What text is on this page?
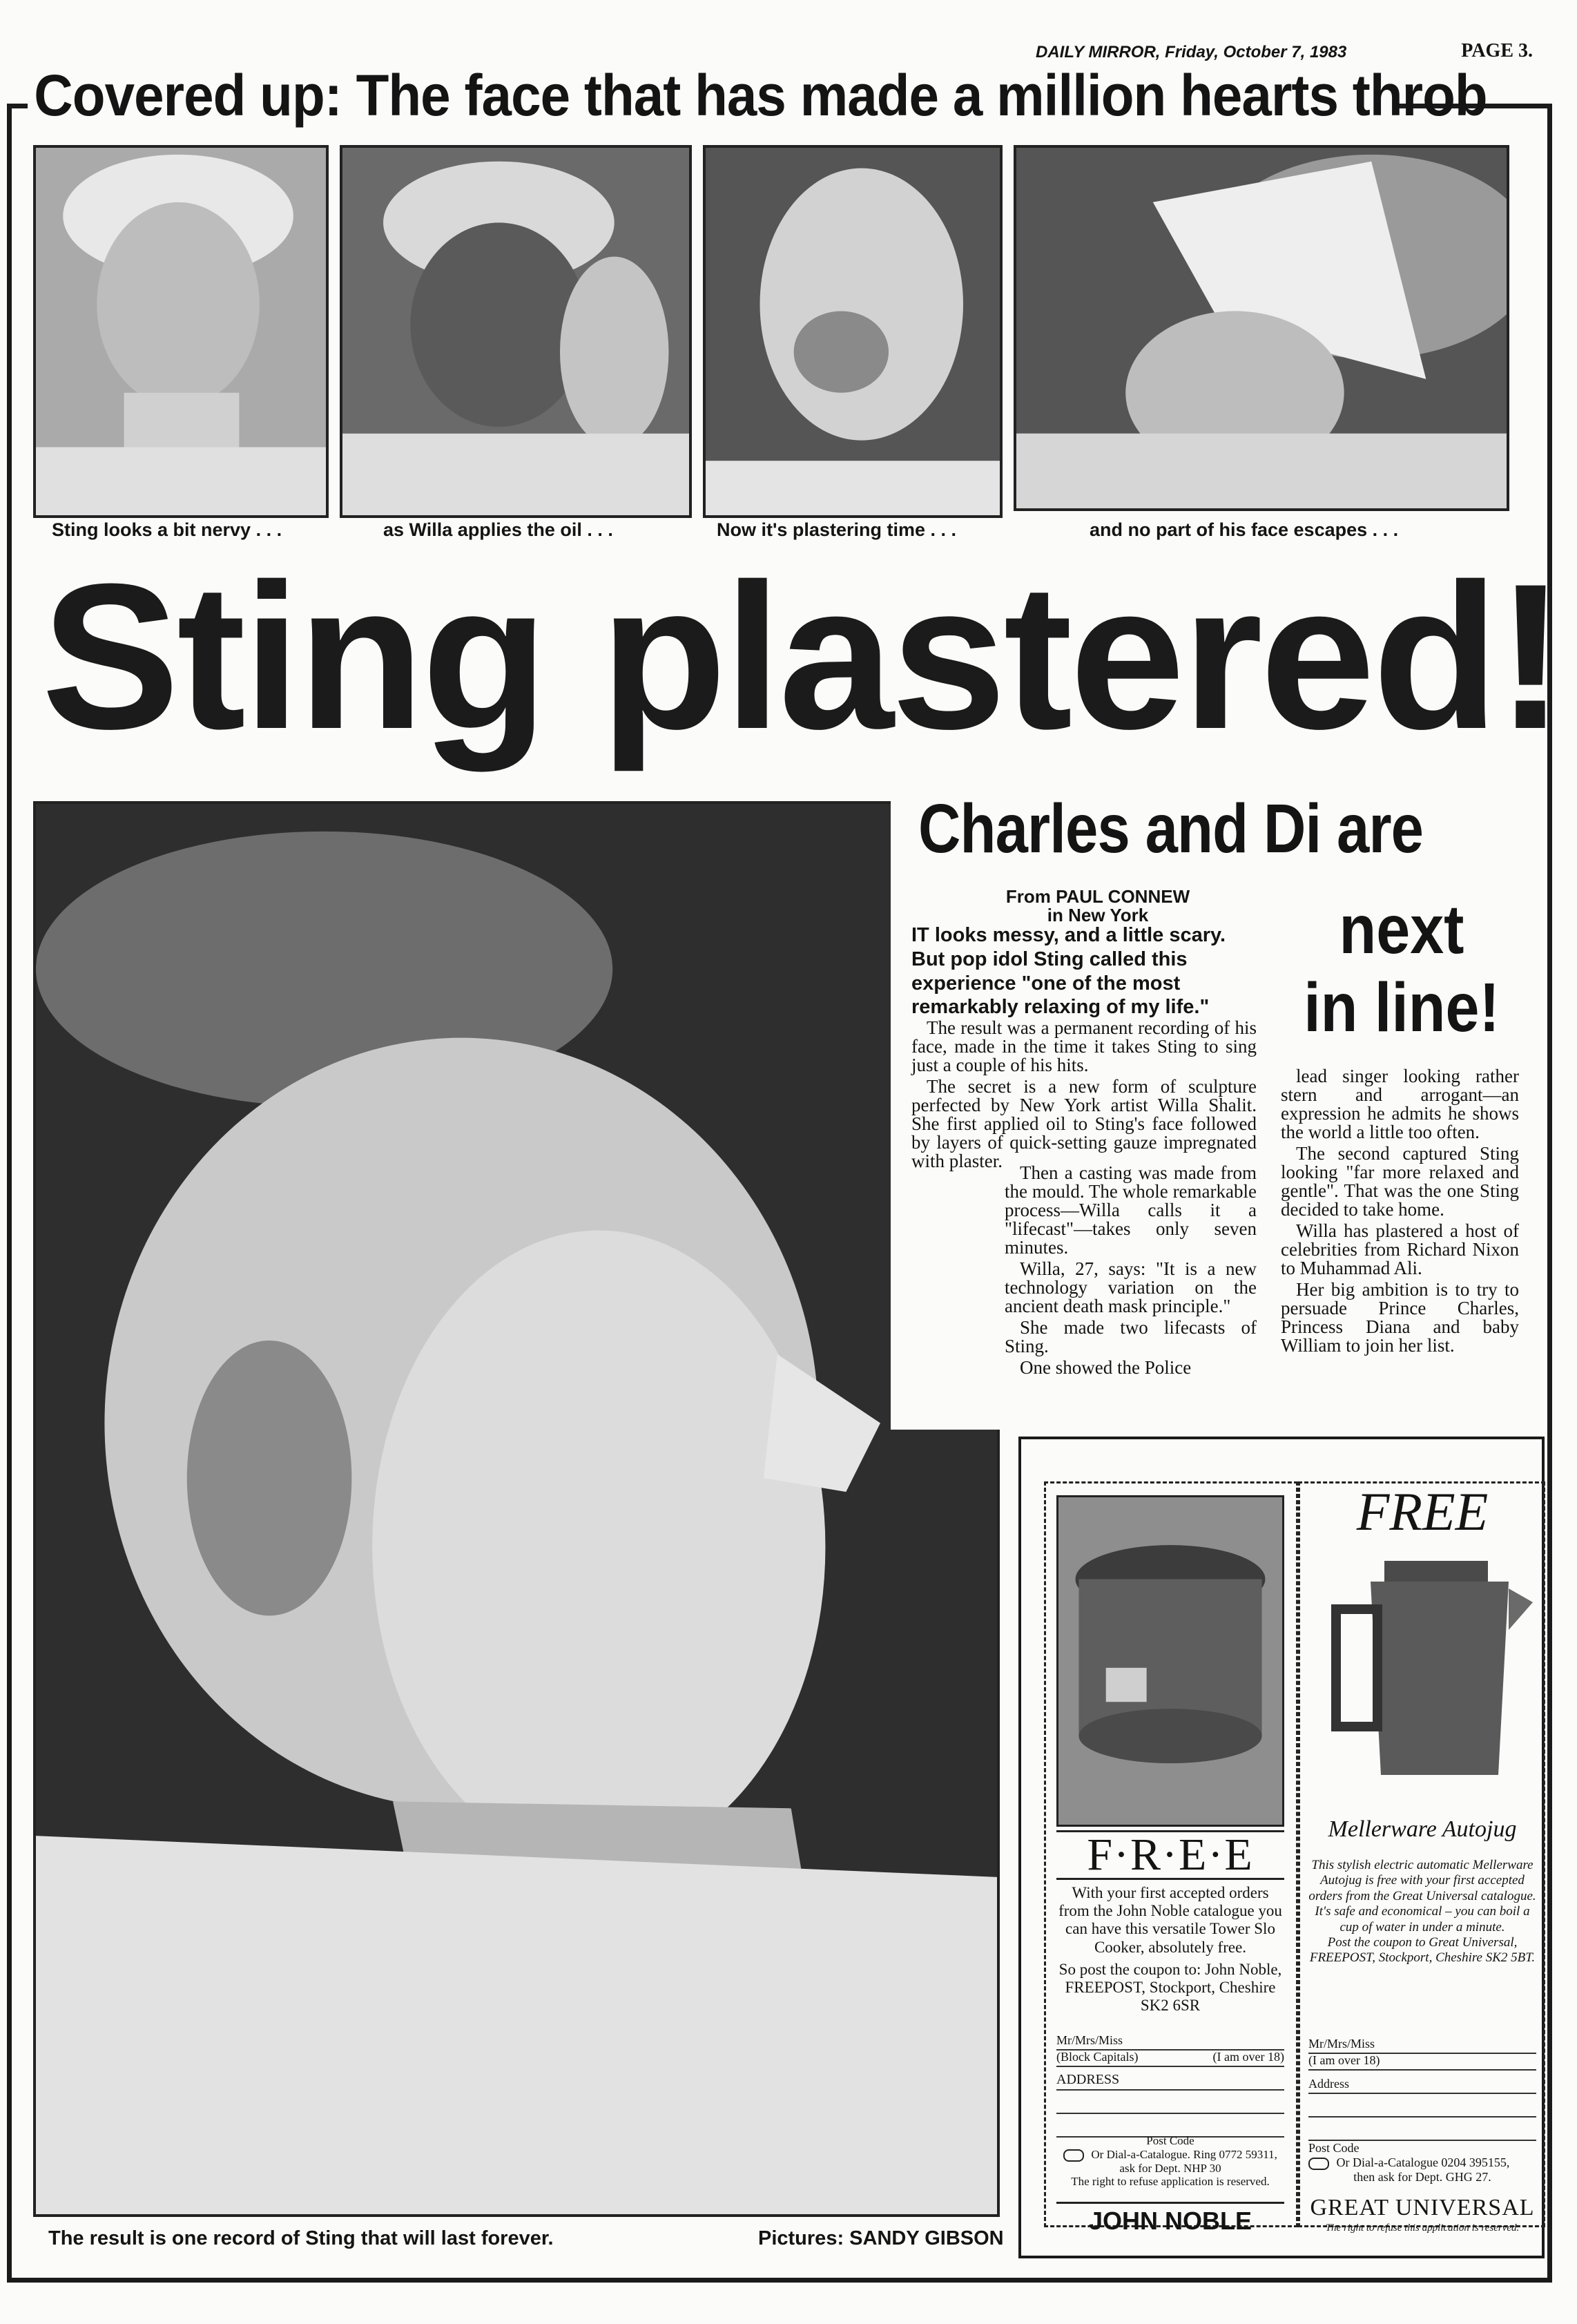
DAILY MIRROR, Friday, October 7, 1983	PAGE 3.
Covered up: The face that has made a million hearts throb
Sting looks a bit nervy . . .	as Willa applies the oil . . .	Now it's plastering time . . .	and no part of his face escapes . . .
Sting plastered!
The result is one record of Sting that will last forever.	Pictures: SANDY GIBSON
Charles and Di are
next
in line!
From PAUL CONNEW
in New York
IT looks messy, and a little scary. But pop idol Sting called this experience "one of the most remarkably relaxing of my life."

The result was a permanent recording of his face, made in the time it takes Sting to sing just a couple of his hits.

The secret is a new form of sculpture perfected by New York artist Willa Shalit. She first applied oil to Sting's face followed by layers of quick-setting gauze impregnated with plaster.

Then a casting was made from the mould. The whole remarkable process—Willa calls it a "lifecast"—takes only seven minutes.

Willa, 27, says: "It is a new technology variation on the ancient death mask principle."

She made two lifecasts of Sting.

One showed the Police

lead singer looking rather stern and arrogant—an expression he admits he shows the world a little too often.

The second captured Sting looking "far more relaxed and gentle". That was the one Sting decided to take home.

Willa has plastered a host of celebrities from Richard Nixon to Muhammad Ali.

Her big ambition is to try to persuade Prince Charles, Princess Diana and baby William to join her list.

F·R·E·E
With your first accepted orders from the John Noble catalogue you can have this versatile Tower Slo Cooker, absolutely free.
So post the coupon to: John Noble, FREEPOST, Stockport, Cheshire SK2 6SR
Mr/Mrs/Miss
(Block Capitals)	(I am over 18)
ADDRESS
Post Code
Or Dial-a-Catalogue. Ring 0772 59311,
ask for Dept. NHP 30
The right to refuse application is reserved.
JOHN NOBLE
FREE
Mellerware Autojug
This stylish electric automatic Mellerware Autojug is free with your first accepted orders from the Great Universal catalogue.
It's safe and economical – you can boil a cup of water in under a minute.
Post the coupon to Great Universal, FREEPOST, Stockport, Cheshire SK2 5BT.
Mr/Mrs/Miss
(I am over 18)
Address
Post Code
Or Dial-a-Catalogue 0204 395155,
then ask for Dept. GHG 27.
GREAT UNIVERSAL
The right to refuse this application is reserved.
